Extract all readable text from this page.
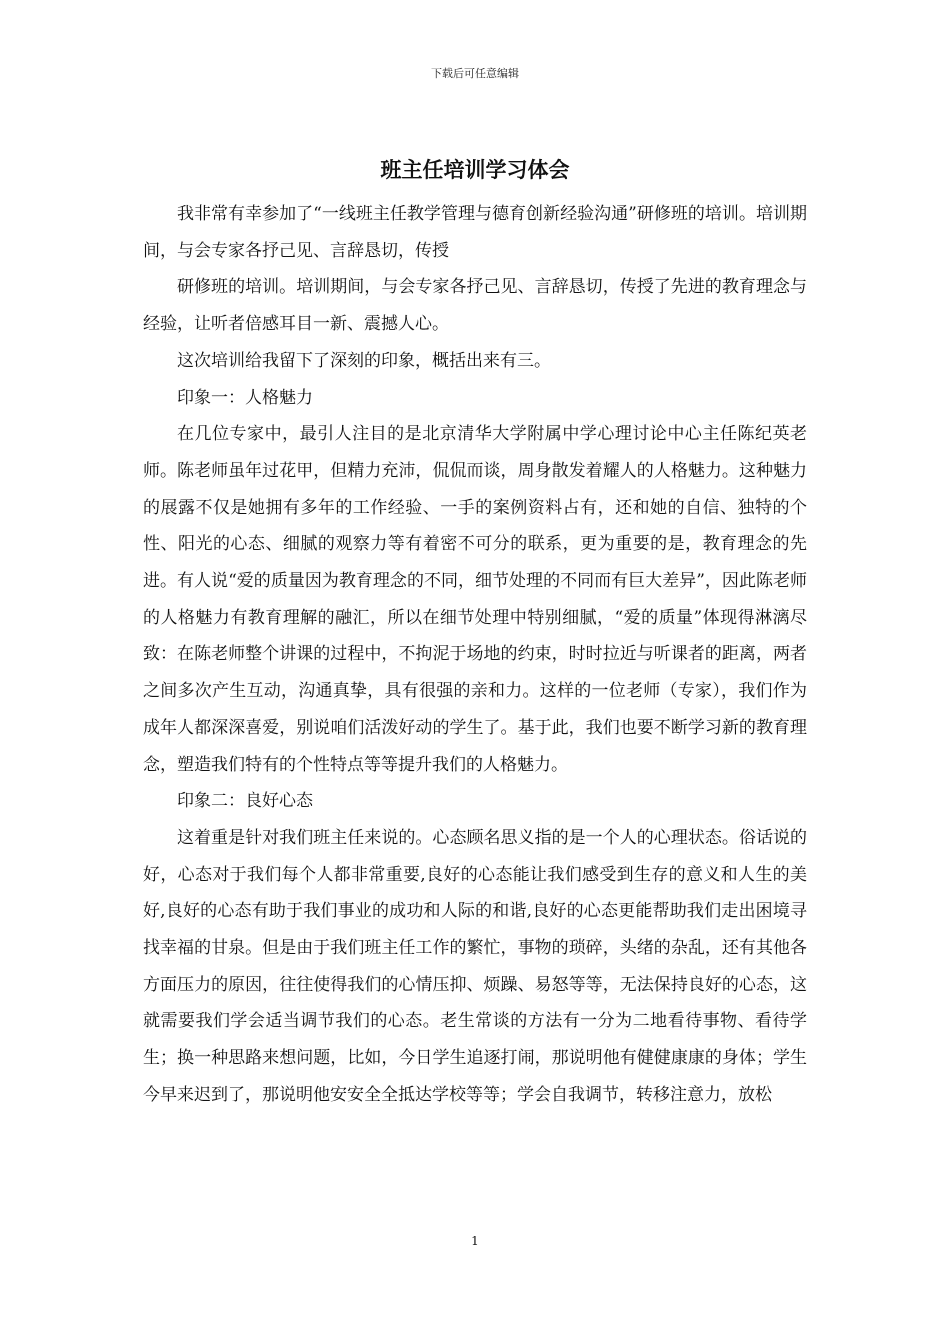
下载后可任意编辑
班主任培训学习体会

我非常有幸参加了“一线班主任教学管理与德育创新经验沟通”研修班的培训。培训期间，与会专家各抒己见、言辞恳切，传授

研修班的培训。培训期间，与会专家各抒己见、言辞恳切，传授了先进的教育理念与经验，让听者倍感耳目一新、震撼人心。

这次培训给我留下了深刻的印象，概括出来有三。

印象一：人格魅力

在几位专家中，最引人注目的是北京清华大学附属中学心理讨论中心主任陈纪英老师。陈老师虽年过花甲，但精力充沛，侃侃而谈，周身散发着耀人的人格魅力。这种魅力的展露不仅是她拥有多年的工作经验、一手的案例资料占有，还和她的自信、独特的个性、阳光的心态、细腻的观察力等有着密不可分的联系，更为重要的是，教育理念的先进。有人说“爱的质量因为教育理念的不同，细节处理的不同而有巨大差异”，因此陈老师的人格魅力有教育理解的融汇，所以在细节处理中特别细腻，“爱的质量”体现得淋漓尽致：在陈老师整个讲课的过程中，不拘泥于场地的约束，时时拉近与听课者的距离，两者之间多次产生互动，沟通真挚，具有很强的亲和力。这样的一位老师（专家），我们作为成年人都深深喜爱，别说咱们活泼好动的学生了。基于此，我们也要不断学习新的教育理念，塑造我们特有的个性特点等等提升我们的人格魅力。

印象二：良好心态

这着重是针对我们班主任来说的。心态顾名思义指的是一个人的心理状态。俗话说的好，心态对于我们每个人都非常重要,良好的心态能让我们感受到生存的意义和人生的美好,良好的心态有助于我们事业的成功和人际的和谐,良好的心态更能帮助我们走出困境寻找幸福的甘泉。但是由于我们班主任工作的繁忙，事物的琐碎，头绪的杂乱，还有其他各方面压力的原因，往往使得我们的心情压抑、烦躁、易怒等等，无法保持良好的心态，这就需要我们学会适当调节我们的心态。老生常谈的方法有一分为二地看待事物、看待学生；换一种思路来想问题，比如，今日学生追逐打闹，那说明他有健健康康的身体；学生今早来迟到了，那说明他安安全全抵达学校等等；学会自我调节，转移注意力，放松

1
